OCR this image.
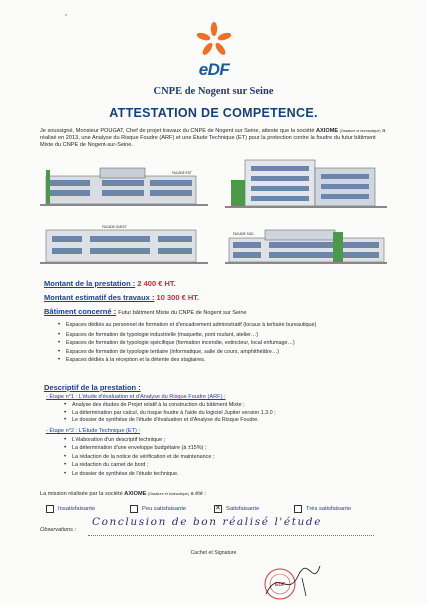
*
eDF
CNPE de Nogent sur Seine
ATTESTATION DE COMPETENCE.
Je soussigné, Monsieur POUGAT, Chef de projet travaux du CNPE de Nogent sur Seine, atteste que la société AXIOME (Ossature et bureautique) a réalisé en 2013, une Analyse du Risque Foudre (ARF) et une Étude Technique (ET) pour la protection contre la foudre du futur bâtiment Mixte du CNPE de Nogent-sur-Seine.
FACADE EST
FACADE OUEST
FACADE SUD
Montant de la prestation : 2 400 € HT.
Montant estimatif des travaux : 10 300 € HT.
Bâtiment concerné : Futur bâtiment Mixte du CNPE de Nogent sur Seine
• Espaces dédiés au personnel de formation et d'encadrement administratif (locaux à tertiaire bureautique)
• Espaces de formation de typologie industrielle (maquette, pont roulant, atelier…)
• Espaces de formation de typologie spécifique (formation incendie, extincteur, local enfumage…)
• Espaces de formation de typologie tertiaire (informatique, salle de cours, amphithéâtre…)
• Espaces dédiés à la réception et la détente des stagiaires.
Descriptif de la prestation :
- Étape n°1 : L'étude d'évaluation et d'Analyse du Risque Foudre (ARF) :
• Analyse des études de Projet relatif à la construction du bâtiment Mixte ;
• La détermination par calcul, du risque foudre à l'aide du logiciel Jupiter version 1.3.0 ;
• Le dossier de synthèse de l'étude d'évaluation et d'Analyse du Risque Foudre.
- Étape n°2 : L'Étude Technique (ET) :
• L'élaboration d'un descriptif technique ;
• La détermination d'une enveloppe budgétaire (à ±15%) ;
• La rédaction de la notice de vérification et de maintenance ;
• La rédaction du carnet de bord ;
• Le dossier de synthèse de l'étude technique.
La mission réalisée par la société AXIOME (Ossature et bureautique) a été :
Insatisfaisante	Peu satisfaisante
✕	Satisfaisante	Très satisfaisante
Observations :
Conclusion de bon réalisé l'étude
Cachet et Signature
EDF
